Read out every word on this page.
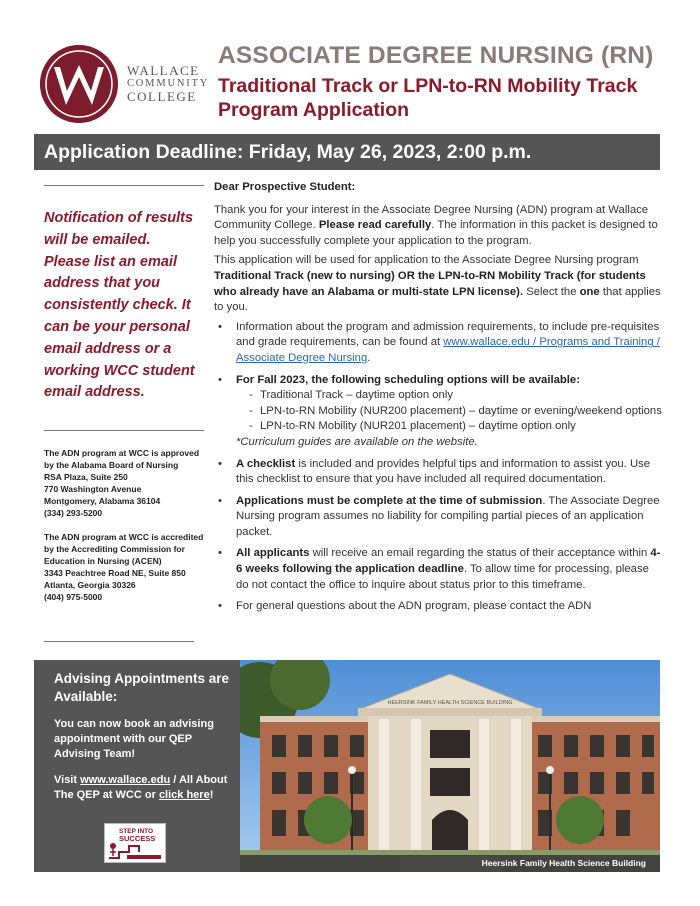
WALLACE
COMMUNITY
COLLEGE
ASSOCIATE DEGREE NURSING (RN)
Traditional Track or LPN-to-RN Mobility Track Program Application
Application Deadline: Friday, May 26, 2023, 2:00 p.m.
Notification of results will be emailed.
Please list an email address that you consistently check. It can be your personal email address or a working WCC student email address.

The ADN program at WCC is approved by the Alabama Board of Nursing
RSA Plaza, Suite 250
770 Washington Avenue
Montgomery, Alabama 36104
(334) 293-5200

The ADN program at WCC is accredited by the Accrediting Commission for Education in Nursing (ACEN)
3343 Peachtree Road NE, Suite 850
Atlanta, Georgia 30326
(404) 975-5000

Dear Prospective Student:

Thank you for your interest in the Associate Degree Nursing (ADN) program at Wallace Community College. Please read carefully. The information in this packet is designed to help you successfully complete your application to the program.

This application will be used for application to the Associate Degree Nursing program Traditional Track (new to nursing) OR the LPN-to-RN Mobility Track (for students who already have an Alabama or multi-state LPN license). Select the one that applies to you.

• Information about the program and admission requirements, to include pre-requisites and grade requirements, can be found at www.wallace.edu / Programs and Training / Associate Degree Nursing.
• For Fall 2023, the following scheduling options will be available:
- Traditional Track – daytime option only
- LPN-to-RN Mobility (NUR200 placement) – daytime or evening/weekend options
- LPN-to-RN Mobility (NUR201 placement) – daytime option only
*Curriculum guides are available on the website.
• A checklist is included and provides helpful tips and information to assist you. Use this checklist to ensure that you have included all required documentation.
• Applications must be complete at the time of submission. The Associate Degree Nursing program assumes no liability for compiling partial pieces of an application packet.
• All applicants will receive an email regarding the status of their acceptance within 4-6 weeks following the application deadline. To allow time for processing, please do not contact the office to inquire about status prior to this timeframe.
• For general questions about the ADN program, please contact the ADN
Advising Appointments are Available:
You can now book an advising appointment with our QEP Advising Team!
Visit www.wallace.edu / All About The QEP at WCC or click here!
STEP INTO
SUCCESS
HEERSINK FAMILY HEALTH SCIENCE BUILDING
Heersink Family Health Science Building
